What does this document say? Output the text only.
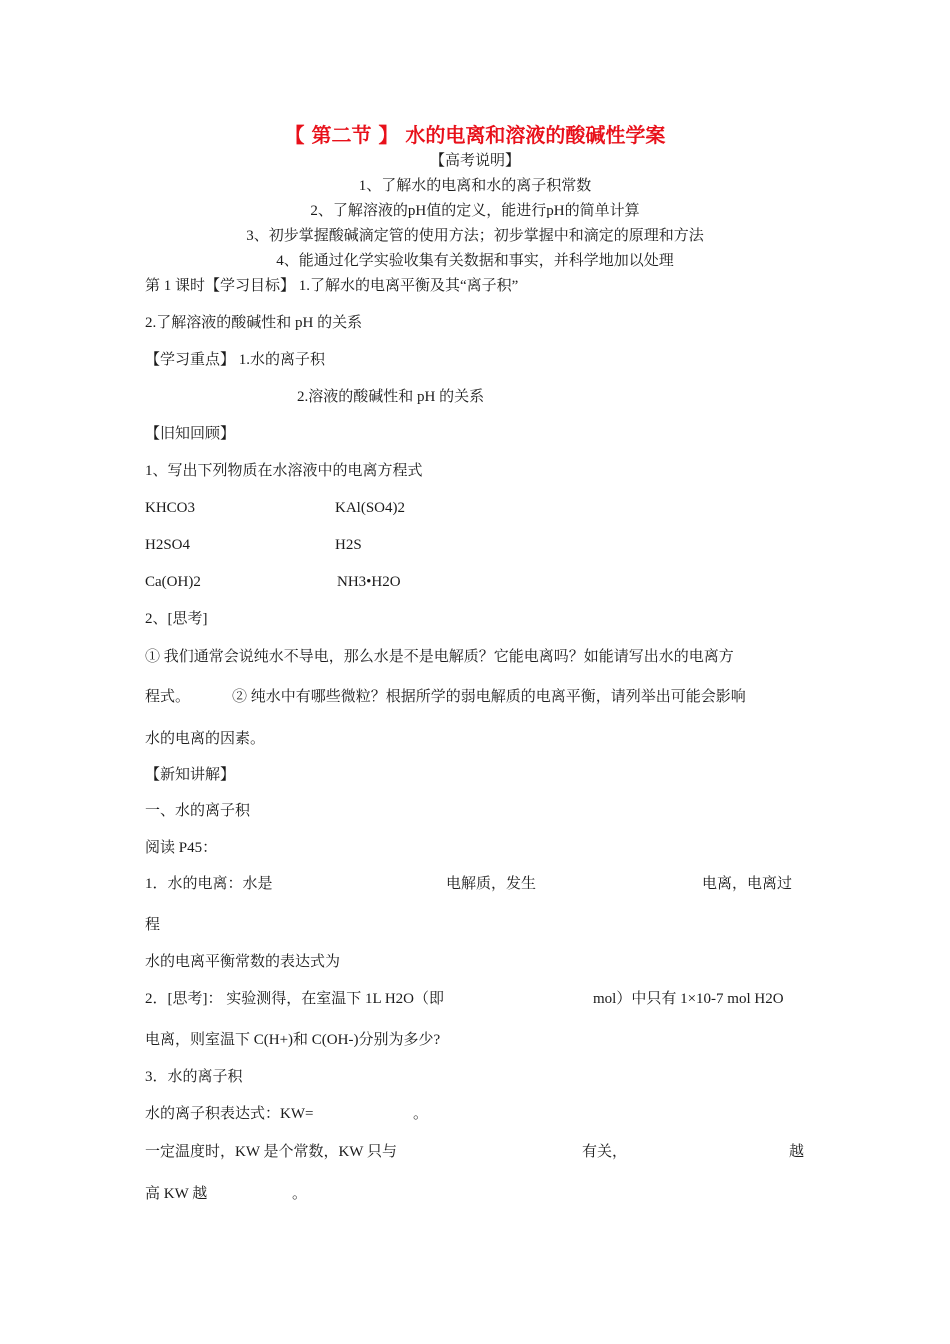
【 第二节 】 水的电离和溶液的酸碱性学案
【高考说明】
1、了解水的电离和水的离子积常数
2、了解溶液的pH值的定义，能进行pH的简单计算
3、初步掌握酸碱滴定管的使用方法；初步掌握中和滴定的原理和方法
4、能通过化学实验收集有关数据和事实，并科学地加以处理
第 1 课时【学习目标】 1.了解水的电离平衡及其“离子积”
2.了解溶液的酸碱性和 pH 的关系
【学习重点】 1.水的离子积
2.溶液的酸碱性和 pH 的关系
【旧知回顾】
1、写出下列物质在水溶液中的电离方程式
KHCO3	KAl(SO4)2
H2SO4	H2S
Ca(OH)2	NH3•H2O
2、[思考]
① 我们通常会说纯水不导电，那么水是不是电解质？它能电离吗？如能请写出水的电离方
程式。	② 纯水中有哪些微粒？根据所学的弱电解质的电离平衡，请列举出可能会影响
水的电离的因素。
【新知讲解】
一、水的离子积
阅读 P45：
1．水的电离：水是	电解质，发生	电离，电离过
程
水的电离平衡常数的表达式为
2．[思考]： 实验测得，在室温下 1L H2O（即	mol）中只有 1×10-7 mol H2O
电离，则室温下 C(H+)和 C(OH-)分别为多少?
3．水的离子积
水的离子积表达式：KW=	。
一定温度时，KW 是个常数，KW 只与	有关，	越
高 KW 越	。
